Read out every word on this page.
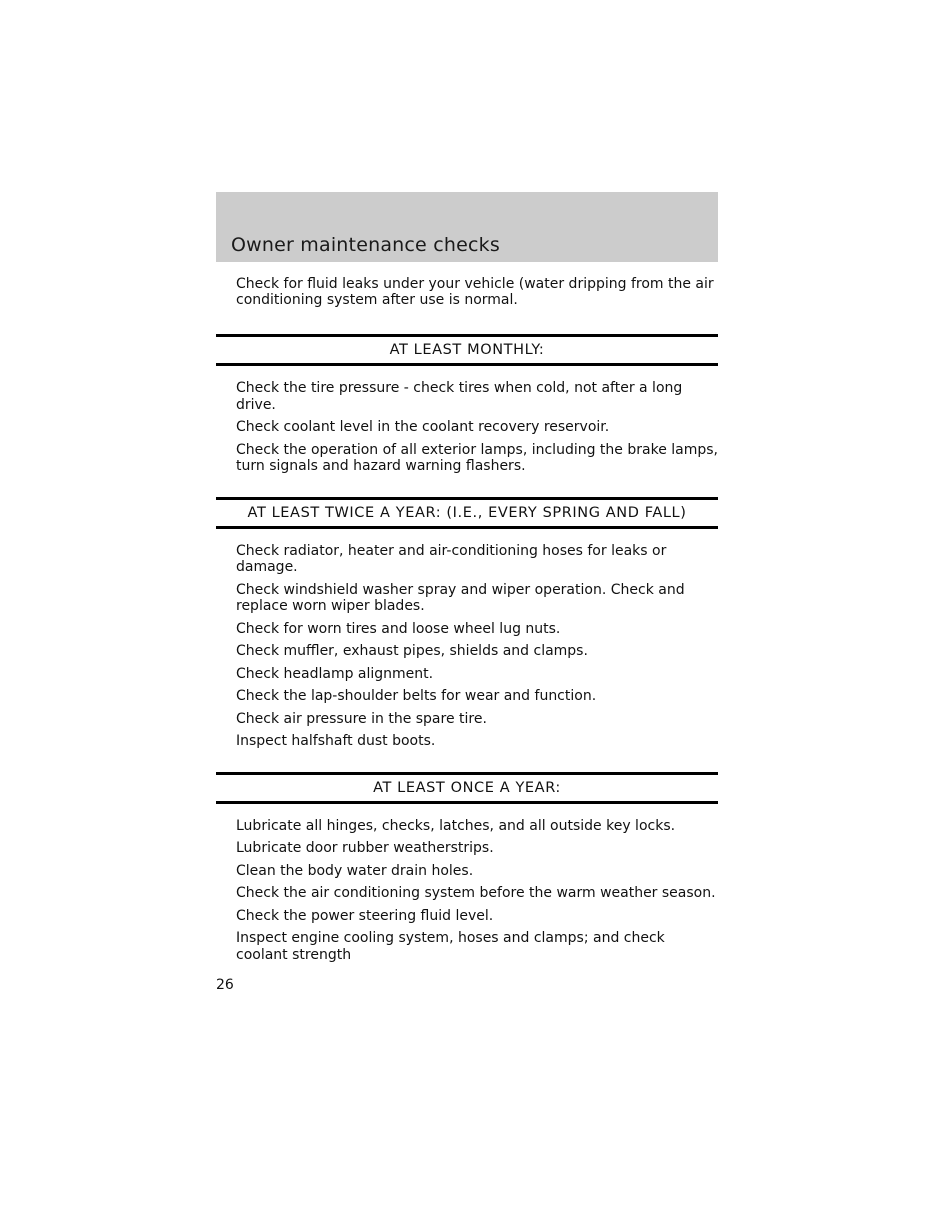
Owner maintenance checks

Check for fluid leaks under your vehicle (water dripping from the air conditioning system after use is normal.

AT LEAST MONTHLY:
Check the tire pressure - check tires when cold, not after a long drive.
Check coolant level in the coolant recovery reservoir.
Check the operation of all exterior lamps, including the brake lamps, turn signals and hazard warning flashers.
AT LEAST TWICE A YEAR: (I.E., EVERY SPRING AND FALL)
Check radiator, heater and air-conditioning hoses for leaks or damage.
Check windshield washer spray and wiper operation. Check and replace worn wiper blades.
Check for worn tires and loose wheel lug nuts.
Check muffler, exhaust pipes, shields and clamps.
Check headlamp alignment.
Check the lap-shoulder belts for wear and function.
Check air pressure in the spare tire.
Inspect halfshaft dust boots.
AT LEAST ONCE A YEAR:
Lubricate all hinges, checks, latches, and all outside key locks.
Lubricate door rubber weatherstrips.
Clean the body water drain holes.
Check the air conditioning system before the warm weather season.
Check the power steering fluid level.
Inspect engine cooling system, hoses and clamps; and check coolant strength
26
